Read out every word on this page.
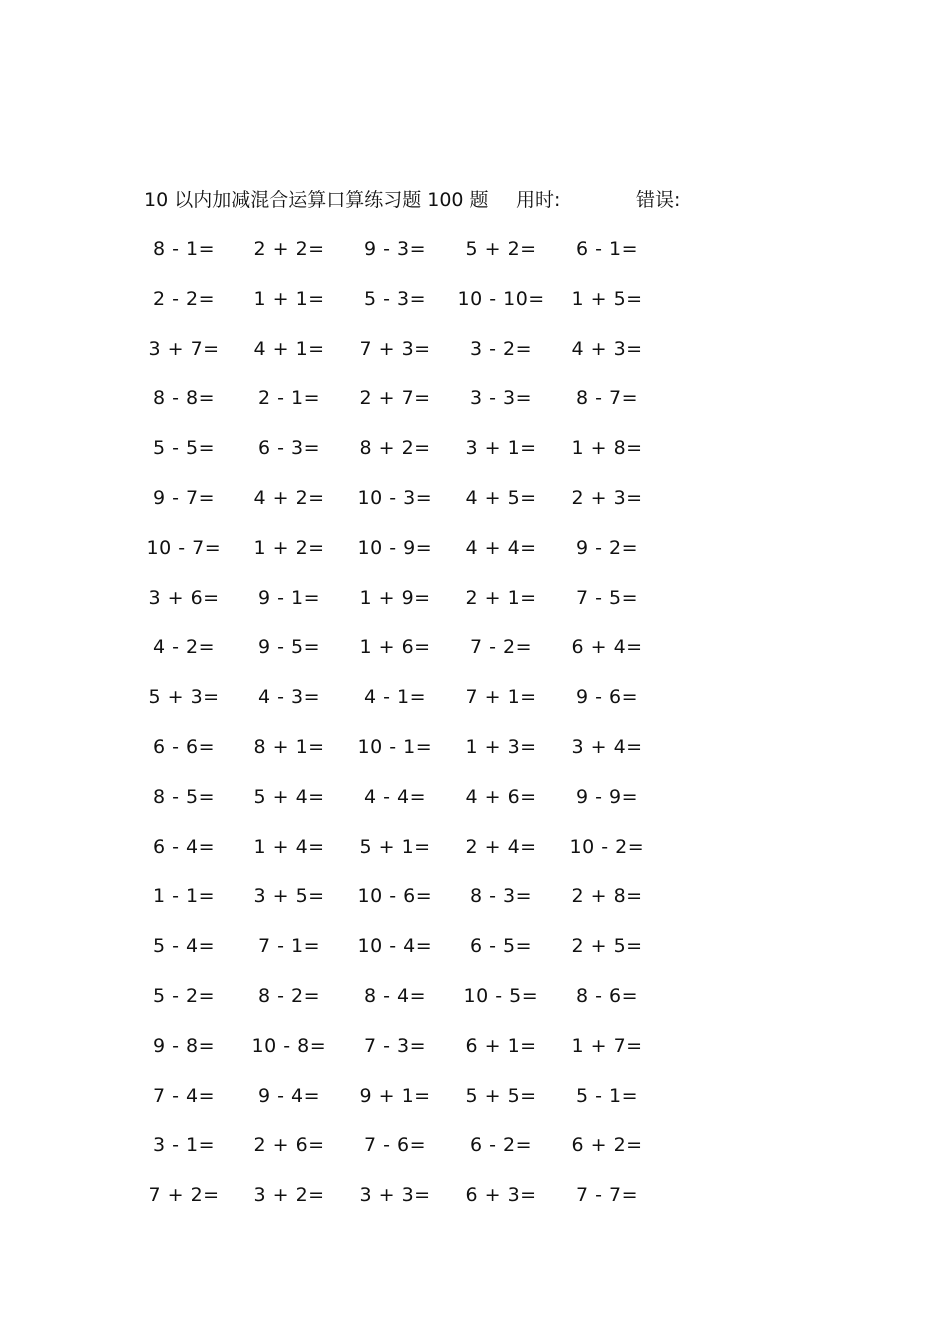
10 以内加减混合运算口算练习题 100 题 用时:	错误:
8 - 1= 2 + 2= 9 - 3= 5 + 2= 6 - 1=
2 - 2= 1 + 1= 5 - 3= 10 - 10= 1 + 5=
3 + 7= 4 + 1= 7 + 3= 3 - 2= 4 + 3=
8 - 8= 2 - 1= 2 + 7= 3 - 3= 8 - 7=
5 - 5= 6 - 3= 8 + 2= 3 + 1= 1 + 8=
9 - 7= 4 + 2= 10 - 3= 4 + 5= 2 + 3=
10 - 7= 1 + 2= 10 - 9= 4 + 4= 9 - 2=
3 + 6= 9 - 1= 1 + 9= 2 + 1= 7 - 5=
4 - 2= 9 - 5= 1 + 6= 7 - 2= 6 + 4=
5 + 3= 4 - 3= 4 - 1= 7 + 1= 9 - 6=
6 - 6= 8 + 1= 10 - 1= 1 + 3= 3 + 4=
8 - 5= 5 + 4= 4 - 4= 4 + 6= 9 - 9=
6 - 4= 1 + 4= 5 + 1= 2 + 4= 10 - 2=
1 - 1= 3 + 5= 10 - 6= 8 - 3= 2 + 8=
5 - 4= 7 - 1= 10 - 4= 6 - 5= 2 + 5=
5 - 2= 8 - 2= 8 - 4= 10 - 5= 8 - 6=
9 - 8= 10 - 8= 7 - 3= 6 + 1= 1 + 7=
7 - 4= 9 - 4= 9 + 1= 5 + 5= 5 - 1=
3 - 1= 2 + 6= 7 - 6= 6 - 2= 6 + 2=
7 + 2= 3 + 2= 3 + 3= 6 + 3= 7 - 7=
